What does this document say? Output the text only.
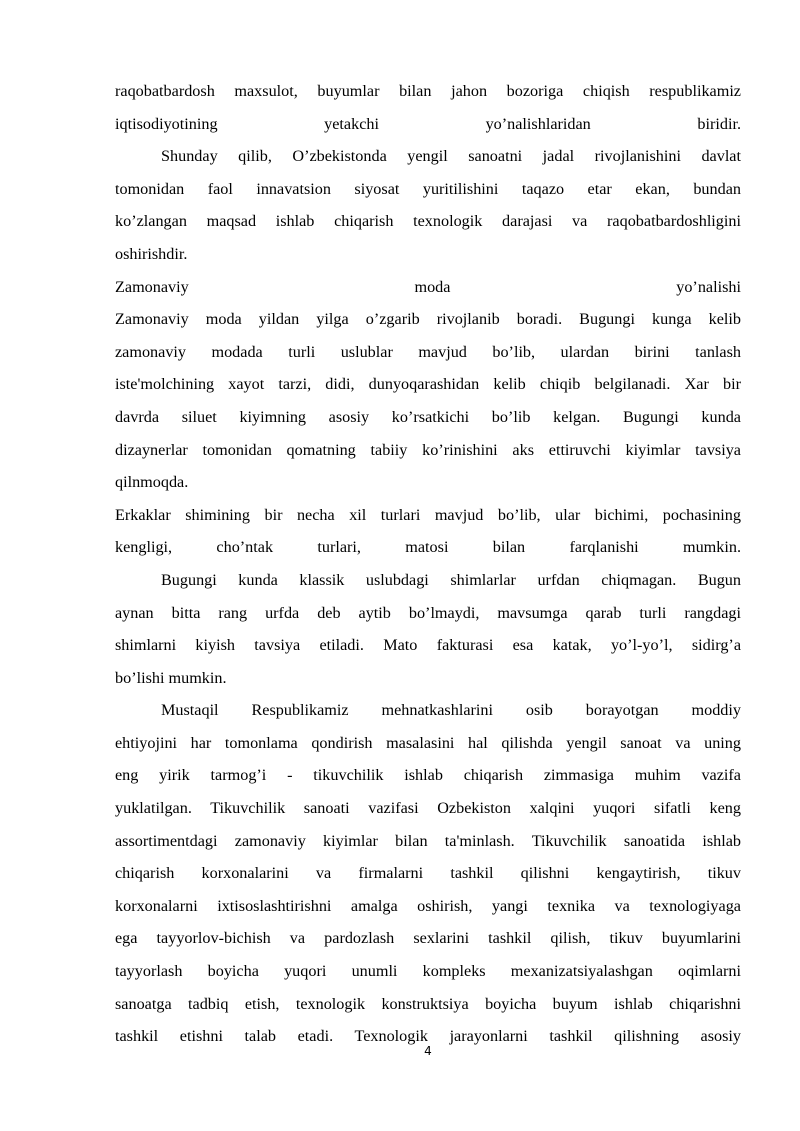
raqobatbardosh maxsulot, buyumlar bilan jahon bozoriga chiqish respublikamiz
iqtisodiyotining yetakchi yo’nalishlaridan biridir.
Shunday qilib, O’zbekistonda yengil sanoatni jadal rivojlanishini davlat
tomonidan faol innavatsion siyosat yuritilishini taqazo etar ekan, bundan
ko’zlangan maqsad ishlab chiqarish texnologik darajasi va raqobatbardoshligini
oshirishdir.
Zamonaviy moda yo’nalishi
Zamonaviy moda yildan yilga o’zgarib rivojlanib boradi. Bugungi kunga kelib
zamonaviy modada turli uslublar mavjud bo’lib, ulardan birini tanlash
iste'molchining xayot tarzi, didi, dunyoqarashidan kelib chiqib belgilanadi. Xar bir
davrda siluet kiyimning asosiy ko’rsatkichi bo’lib kelgan. Bugungi kunda
dizaynerlar tomonidan qomatning tabiiy ko’rinishini aks ettiruvchi kiyimlar tavsiya
qilnmoqda.
Erkaklar shimining bir necha xil turlari mavjud bo’lib, ular bichimi, pochasining
kengligi, cho’ntak turlari, matosi bilan farqlanishi mumkin.
Bugungi kunda klassik uslubdagi shimlarlar urfdan chiqmagan. Bugun
aynan bitta rang urfda deb aytib bo’lmaydi, mavsumga qarab turli rangdagi
shimlarni kiyish tavsiya etiladi. Mato fakturasi esa katak, yo’l-yo’l, sidirg’a
bo’lishi mumkin.
Mustaqil Respublikamiz mehnatkashlarini osib borayotgan moddiy
ehtiyojini har tomonlama qondirish masalasini hal qilishda yengil sanoat va uning
eng yirik tarmog’i - tikuvchilik ishlab chiqarish zimmasiga muhim vazifa
yuklatilgan. Tikuvchilik sanoati vazifasi Ozbekiston xalqini yuqori sifatli keng
assortimentdagi zamonaviy kiyimlar bilan ta'minlash. Tikuvchilik sanoatida ishlab
chiqarish korxonalarini va firmalarni tashkil qilishni kengaytirish, tikuv
korxonalarni ixtisoslashtirishni amalga oshirish, yangi texnika va texnologiyaga
ega tayyorlov-bichish va pardozlash sexlarini tashkil qilish, tikuv buyumlarini
tayyorlash boyicha yuqori unumli kompleks mexanizatsiyalashgan oqimlarni
sanoatga tadbiq etish, texnologik konstruktsiya boyicha buyum ishlab chiqarishni
tashkil etishni talab etadi. Texnologik jarayonlarni tashkil qilishning asosiy
4
